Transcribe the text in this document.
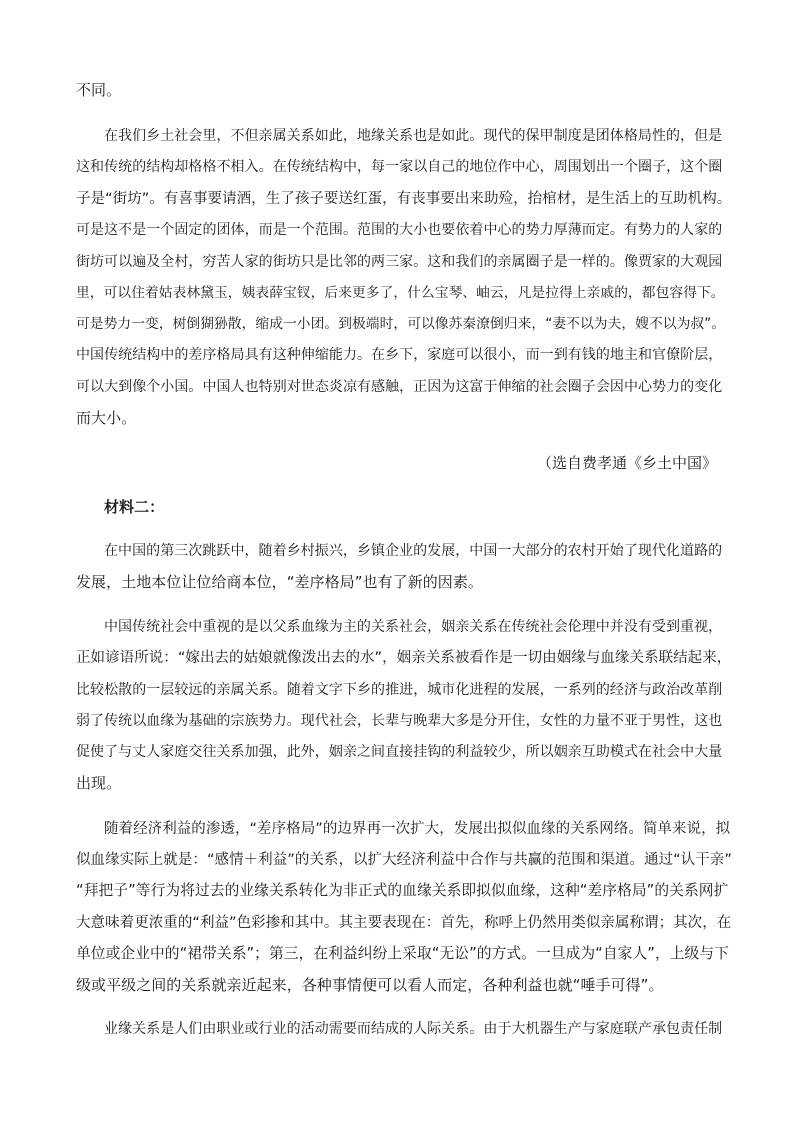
不同。
在我们乡土社会里，不但亲属关系如此，地缘关系也是如此。现代的保甲制度是团体格局性的，但是
这和传统的结构却格格不相入。在传统结构中，每一家以自己的地位作中心，周围划出一个圈子，这个圈
子是“街坊”。有喜事要请酒，生了孩子要送红蛋，有丧事要出来助殓，抬棺材，是生活上的互助机构。
可是这不是一个固定的团体，而是一个范围。范围的大小也要依着中心的势力厚薄而定。有势力的人家的
街坊可以遍及全村，穷苦人家的街坊只是比邻的两三家。这和我们的亲属圈子是一样的。像贾家的大观园
里，可以住着姑表林黛玉，姨表薛宝钗，后来更多了，什么宝琴、岫云，凡是拉得上亲戚的，都包容得下。
可是势力一变，树倒猢狲散，缩成一小团。到极端时，可以像苏秦潦倒归来，“妻不以为夫，嫂不以为叔”。
中国传统结构中的差序格局具有这种伸缩能力。在乡下，家庭可以很小，而一到有钱的地主和官僚阶层，
可以大到像个小国。中国人也特别对世态炎凉有感触，正因为这富于伸缩的社会圈子会因中心势力的变化
而大小。
（选自费孝通《乡土中国》
材料二：
在中国的第三次跳跃中，随着乡村振兴，乡镇企业的发展，中国一大部分的农村开始了现代化道路的
发展，土地本位让位给商本位，“差序格局”也有了新的因素。
中国传统社会中重视的是以父系血缘为主的关系社会，姻亲关系在传统社会伦理中并没有受到重视，
正如谚语所说：“嫁出去的姑娘就像泼出去的水”，姻亲关系被看作是一切由姻缘与血缘关系联结起来，
比较松散的一层较远的亲属关系。随着文字下乡的推进，城市化进程的发展，一系列的经济与政治改革削
弱了传统以血缘为基础的宗族势力。现代社会，长辈与晚辈大多是分开住，女性的力量不亚于男性，这也
促使了与丈人家庭交往关系加强，此外，姻亲之间直接挂钩的利益较少，所以姻亲互助模式在社会中大量
出现。
随着经济利益的渗透，“差序格局”的边界再一次扩大，发展出拟似血缘的关系网络。简单来说，拟
似血缘实际上就是：“感情＋利益”的关系，以扩大经济利益中合作与共赢的范围和渠道。通过“认干亲”
“拜把子”等行为将过去的业缘关系转化为非正式的血缘关系即拟似血缘，这种“差序格局”的关系网扩
大意味着更浓重的“利益”色彩掺和其中。其主要表现在：首先，称呼上仍然用类似亲属称谓；其次，在
单位或企业中的“裙带关系”；第三，在利益纠纷上采取“无讼”的方式。一旦成为“自家人”，上级与下
级或平级之间的关系就亲近起来，各种事情便可以看人而定，各种利益也就“唾手可得”。
业缘关系是人们由职业或行业的活动需要而结成的人际关系。由于大机器生产与家庭联产承包责任制
